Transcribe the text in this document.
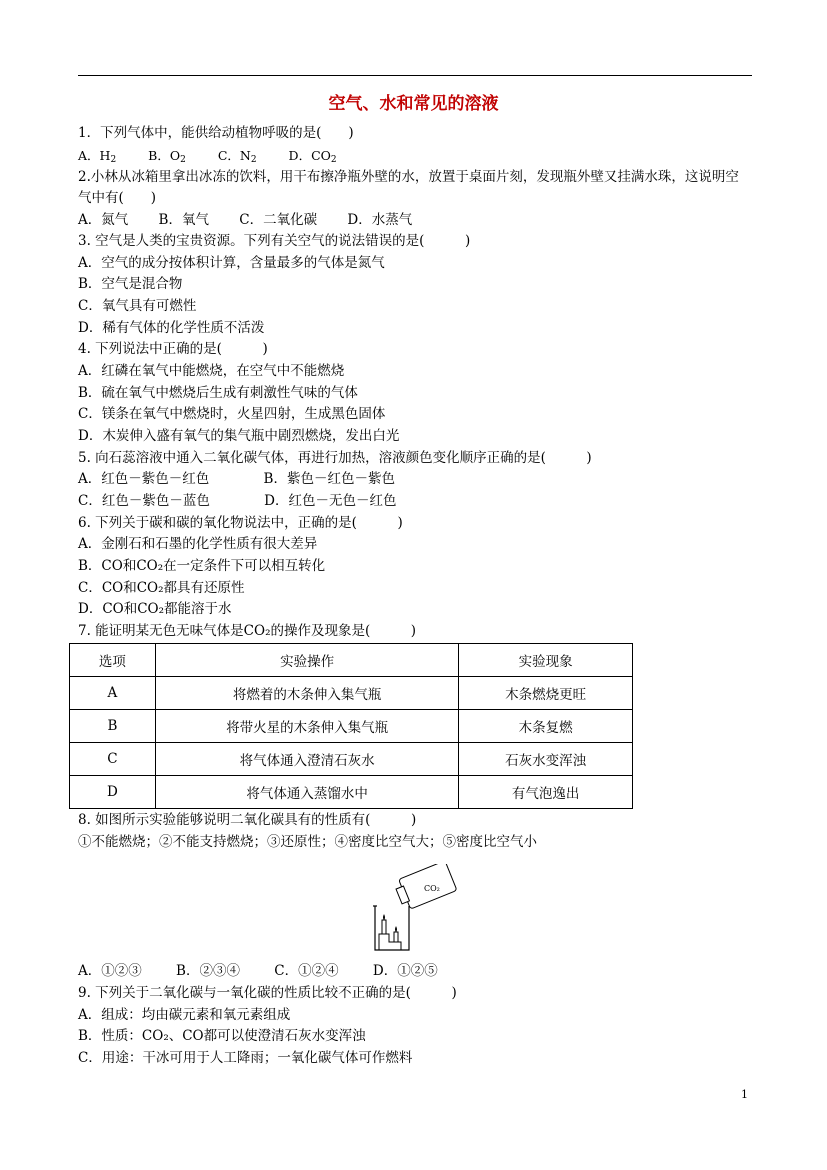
空气、水和常见的溶液
1．下列气体中，能供给动植物呼吸的是(　　)
A．$H_2$	B．$O_2$	C．$N_2$	D．$CO_2$
2.小林从冰箱里拿出冰冻的饮料，用干布擦净瓶外壁的水，放置于桌面片刻，发现瓶外壁又挂满水珠，这说明空气中有(　　)
A．氮气 B．氧气 C．二氧化碳 D．水蒸气
3. 空气是人类的宝贵资源。下列有关空气的说法错误的是(　　　)
A．空气的成分按体积计算，含量最多的气体是氮气
B．空气是混合物
C．氧气具有可燃性
D．稀有气体的化学性质不活泼
4. 下列说法中正确的是(　　　)
A．红磷在氧气中能燃烧，在空气中不能燃烧
B．硫在氧气中燃烧后生成有刺激性气味的气体
C．镁条在氧气中燃烧时，火星四射，生成黑色固体
D．木炭伸入盛有氧气的集气瓶中剧烈燃烧，发出白光
5. 向石蕊溶液中通入二氧化碳气体，再进行加热，溶液颜色变化顺序正确的是(　　　)
A．红色－紫色－红色	B．紫色－红色－紫色
C．红色－紫色－蓝色	D．红色－无色－红色
6. 下列关于碳和碳的氧化物说法中，正确的是(　　　)
A．金刚石和石墨的化学性质有很大差异
B．CO和CO₂在一定条件下可以相互转化
C．CO和CO₂都具有还原性
D．CO和CO₂都能溶于水
7. 能证明某无色无味气体是CO₂的操作及现象是(　　　)
选项	实验操作	实验现象
A	将燃着的木条伸入集气瓶	木条燃烧更旺
B	将带火星的木条伸入集气瓶	木条复燃
C	将气体通入澄清石灰水	石灰水变浑浊
D	将气体通入蒸馏水中	有气泡逸出
8. 如图所示实验能够说明二氧化碳具有的性质有(　　　)
①不能燃烧；②不能支持燃烧；③还原性；④密度比空气大；⑤密度比空气小
CO₂
A．①②③	B．②③④	C．①②④	D．①②⑤
9. 下列关于二氧化碳与一氧化碳的性质比较不正确的是(　　　)
A．组成：均由碳元素和氧元素组成
B．性质：CO₂、CO都可以使澄清石灰水变浑浊
C．用途：干冰可用于人工降雨；一氧化碳气体可作燃料
1
